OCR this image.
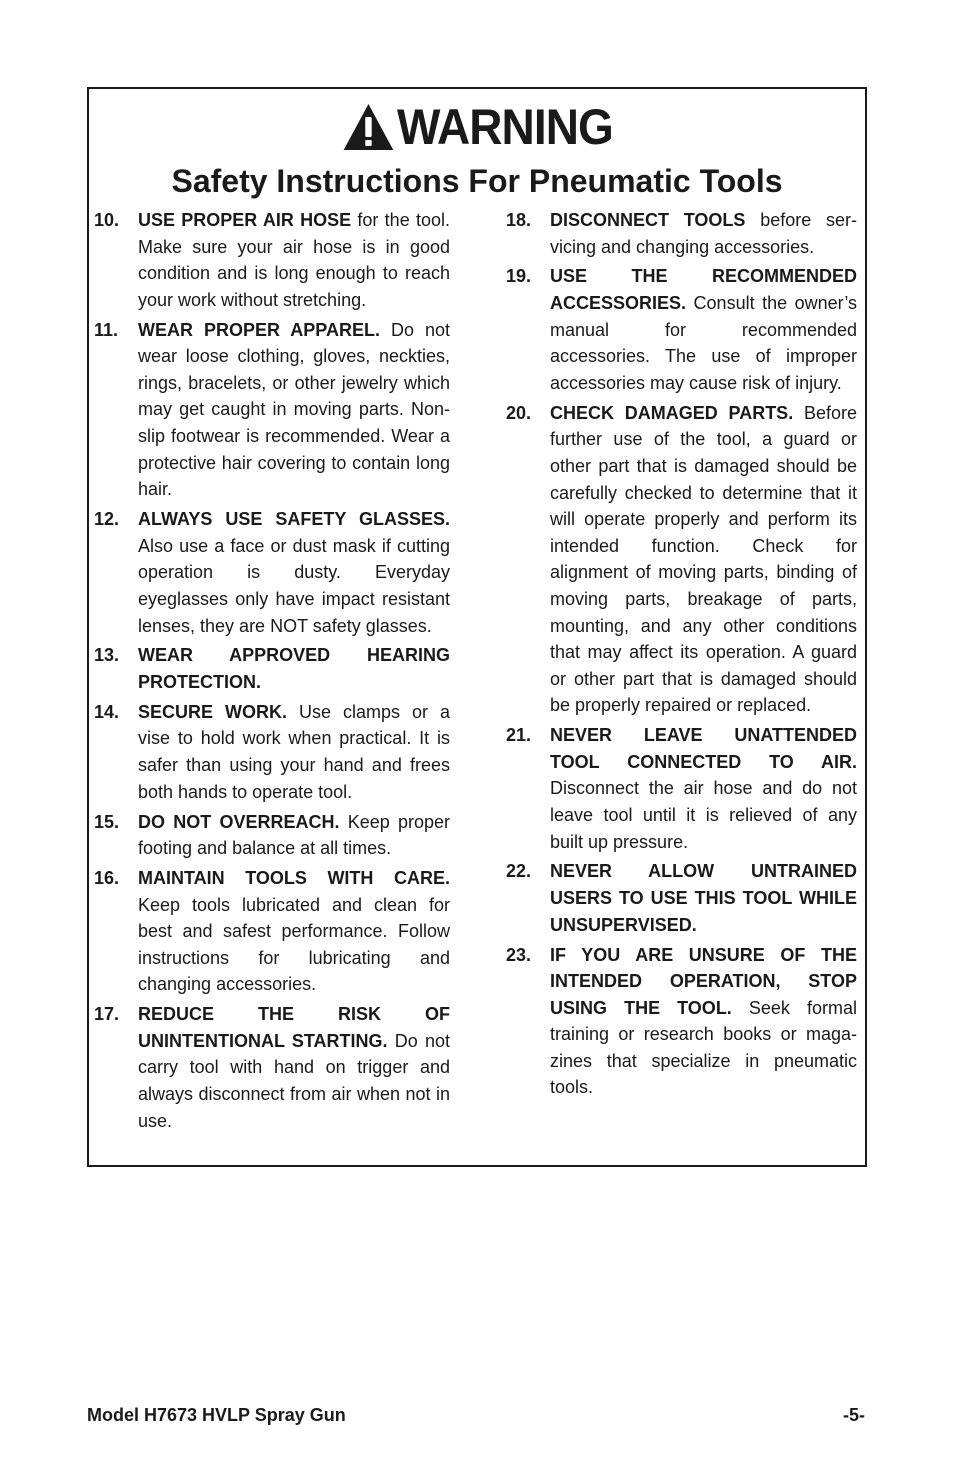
WARNING
Safety Instructions For Pneumatic Tools
10.	USE PROPER AIR HOSE for the tool. Make sure your air hose is in good condition and is long enough to reach your work without stretching.
11.	WEAR PROPER APPAREL. Do not wear loose clothing, gloves, neckties, rings, bracelets, or other jewelry which may get caught in moving parts. Non-slip footwear is recommended. Wear a protective hair covering to contain long hair.
12.	ALWAYS USE SAFETY GLASSES. Also use a face or dust mask if cutting operation is dusty. Everyday eyeglasses only have impact resistant lenses, they are NOT safety glasses.
13.	WEAR APPROVED HEARING PROTECTION.
14.	SECURE WORK. Use clamps or a vise to hold work when practical. It is safer than using your hand and frees both hands to operate tool.
15.	DO NOT OVERREACH. Keep proper footing and balance at all times.
16.	MAINTAIN TOOLS WITH CARE. Keep tools lubricated and clean for best and safest performance. Follow instructions for lubricating and changing accessories.
17.	REDUCE THE RISK OF UNINTENTIONAL STARTING. Do not carry tool with hand on trigger and always disconnect from air when not in use.
18.	DISCONNECT TOOLS before servicing and changing accessories.
19.	USE THE RECOMMENDED ACCESSORIES. Consult the owner’s manual for recommended accessories. The use of improper accessories may cause risk of injury.
20.	CHECK DAMAGED PARTS. Before further use of the tool, a guard or other part that is damaged should be carefully checked to determine that it will operate properly and perform its intended function. Check for alignment of moving parts, binding of moving parts, breakage of parts, mounting, and any other conditions that may affect its operation. A guard or other part that is damaged should be properly repaired or replaced.
21.	NEVER LEAVE UNATTENDED TOOL CONNECTED TO AIR. Disconnect the air hose and do not leave tool until it is relieved of any built up pressure.
22.	NEVER ALLOW UNTRAINED USERS TO USE THIS TOOL WHILE UNSUPERVISED.
23.	IF YOU ARE UNSURE OF THE INTENDED OPERATION, STOP USING THE TOOL. Seek formal training or research books or magazines that specialize in pneumatic tools.
Model H7673 HVLP Spray Gun	-5-
